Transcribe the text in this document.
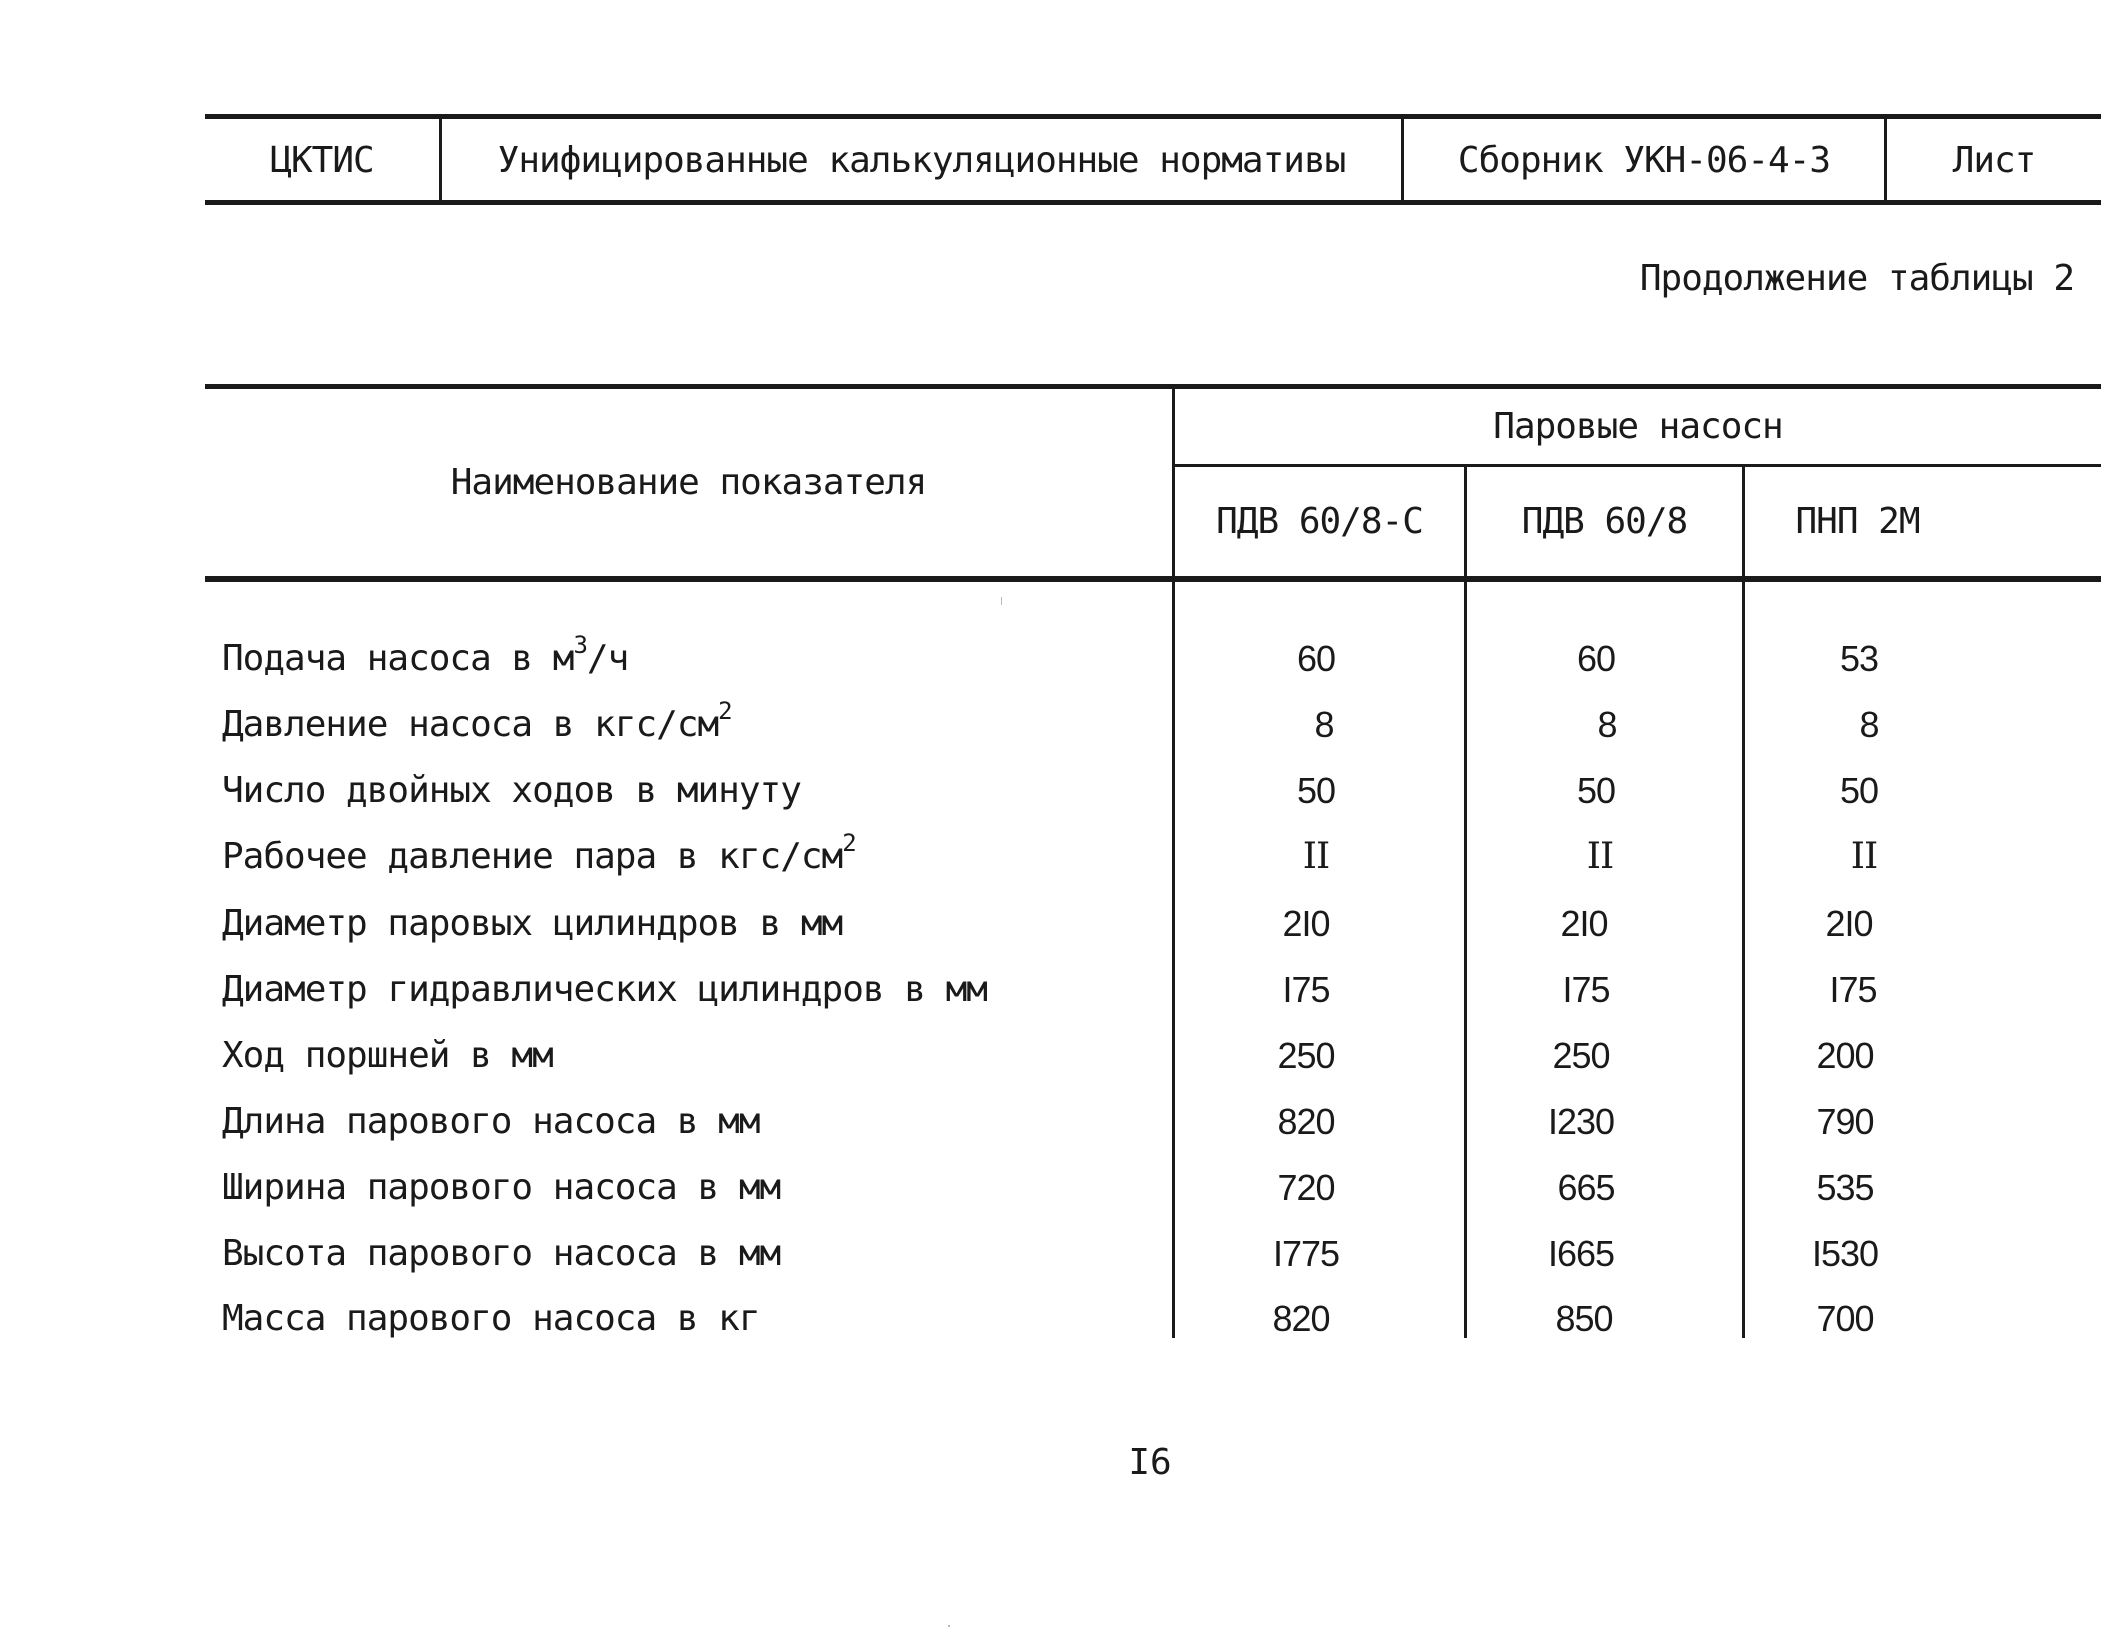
ЦКТИС	Унифицированные калькуляционные нормативы	Сборник УКН-06-4-3	Лист
Продолжение таблицы 2
Наименование показателя
Паровые насосн
ПДВ 60/8-С	ПДВ 60/8	ПНП 2М
Подача насоса в $м^3/ч$	60	60	53
Давление насоса в кгс/$см^2$	8	8	8
Число двойных ходов в минуту	50	50	50
Рабочее давление пара в кгс/$см^2$	II	II	II
Диаметр паровых цилиндров в мм	2I0	2I0	2I0
Диаметр гидравлических цилиндров в мм	I75	I75	I75
Ход поршней в мм	250	250	200
Длина парового насоса в мм	820	I230	790
Ширина парового насоса в мм	720	665	535
Высота парового насоса в мм	I775	I665	I530
Масса парового насоса в кг	820	850	700
I6
